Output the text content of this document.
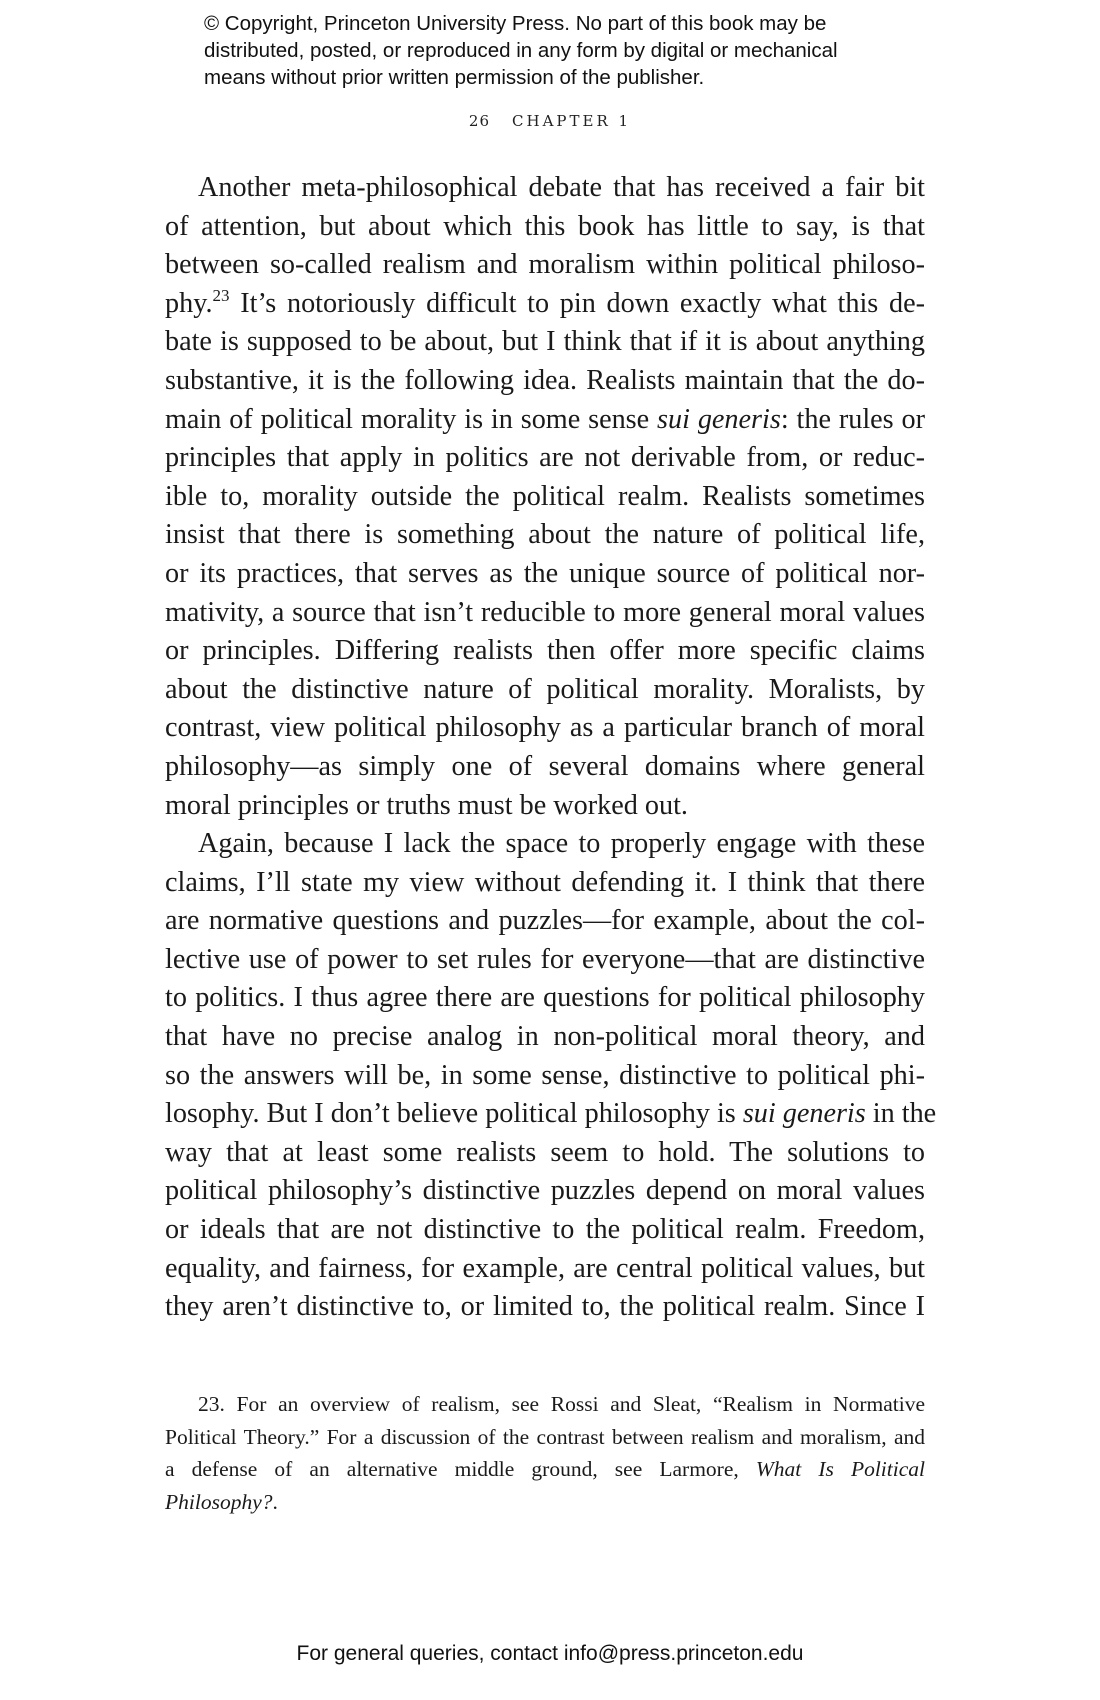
© Copyright, Princeton University Press. No part of this book may be
distributed, posted, or reproduced in any form by digital or mechanical
means without prior written permission of the publisher.
26 CHAPTER 1
Another meta-philosophical debate that has received a fair bit
of attention, but about which this book has little to say, is that
between so-called realism and moralism within political philoso-
phy.$^{23}$ It’s notoriously difficult to pin down exactly what this de-
bate is supposed to be about, but I think that if it is about anything
substantive, it is the following idea. Realists maintain that the do-
main of political morality is in some sense sui generis: the rules or
principles that apply in politics are not derivable from, or reduc-
ible to, morality outside the political realm. Realists sometimes
insist that there is something about the nature of political life,
or its practices, that serves as the unique source of political nor-
mativity, a source that isn’t reducible to more general moral values
or principles. Differing realists then offer more specific claims
about the distinctive nature of political morality. Moralists, by
contrast, view political philosophy as a particular branch of moral
philosophy—as simply one of several domains where general
moral principles or truths must be worked out.
Again, because I lack the space to properly engage with these
claims, I’ll state my view without defending it. I think that there
are normative questions and puzzles—for example, about the col-
lective use of power to set rules for everyone—that are distinctive
to politics. I thus agree there are questions for political philosophy
that have no precise analog in non-political moral theory, and
so the answers will be, in some sense, distinctive to political phi-
losophy. But I don’t believe political philosophy is sui generis in the
way that at least some realists seem to hold. The solutions to
political philosophy’s distinctive puzzles depend on moral values
or ideals that are not distinctive to the political realm. Freedom,
equality, and fairness, for example, are central political values, but
they aren’t distinctive to, or limited to, the political realm. Since I
23. For an overview of realism, see Rossi and Sleat, “Realism in Normative
Political Theory.” For a discussion of the contrast between realism and moralism, and
a defense of an alternative middle ground, see Larmore, What Is Political
Philosophy?.
For general queries, contact info@press.princeton.edu
